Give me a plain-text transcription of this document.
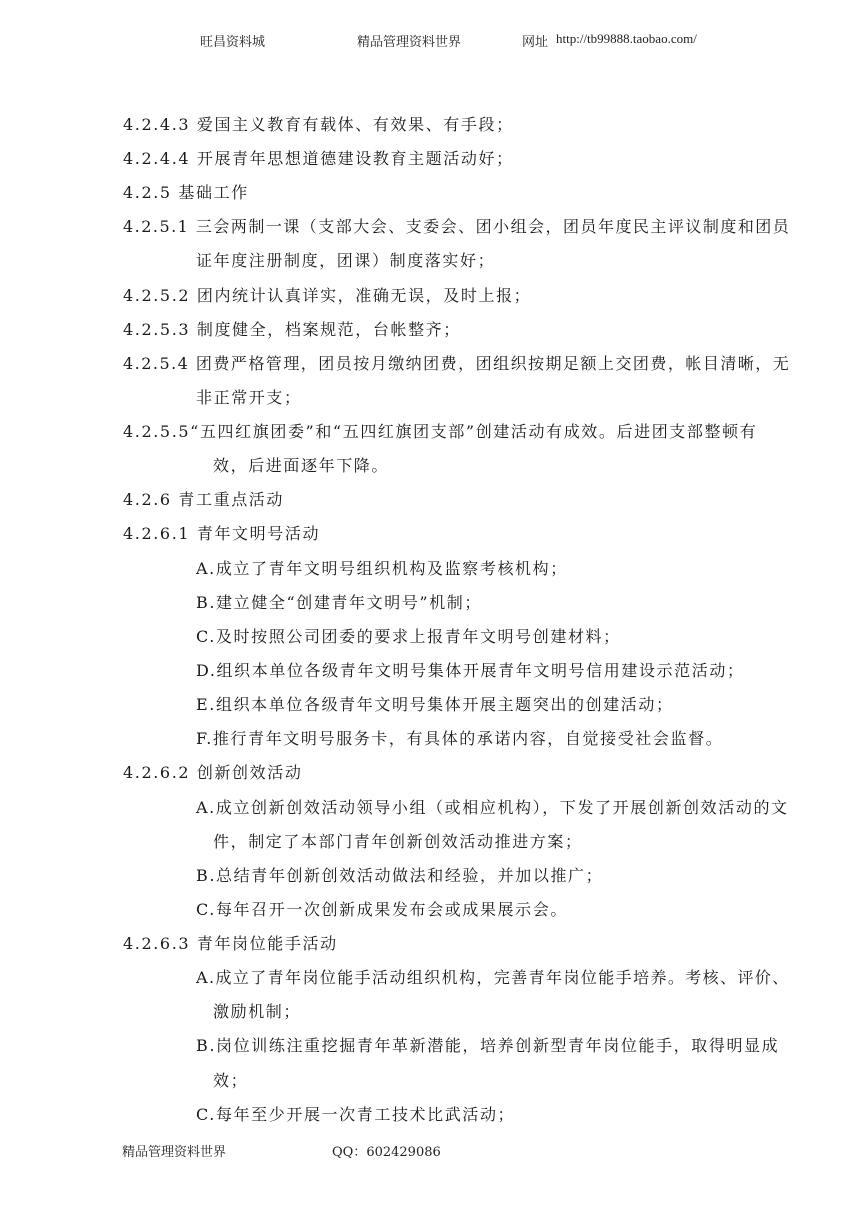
旺昌资料城	精品管理资料世界	网址 http://tb99888.taobao.com/
4.2.4.3 爱国主义教育有载体、有效果、有手段；
4.2.4.4 开展青年思想道德建设教育主题活动好；
4.2.5 基础工作
4.2.5.1 三会两制一课（支部大会、支委会、团小组会，团员年度民主评议制度和团员
证年度注册制度，团课）制度落实好；
4.2.5.2 团内统计认真详实，准确无误，及时上报；
4.2.5.3 制度健全，档案规范，台帐整齐；
4.2.5.4 团费严格管理，团员按月缴纳团费，团组织按期足额上交团费，帐目清晰，无
非正常开支；
4.2.5.5“五四红旗团委”和“五四红旗团支部”创建活动有成效。后进团支部整顿有
效，后进面逐年下降。
4.2.6 青工重点活动
4.2.6.1 青年文明号活动
A.成立了青年文明号组织机构及监察考核机构；
B.建立健全“创建青年文明号”机制；
C.及时按照公司团委的要求上报青年文明号创建材料；
D.组织本单位各级青年文明号集体开展青年文明号信用建设示范活动；
E.组织本单位各级青年文明号集体开展主题突出的创建活动；
F.推行青年文明号服务卡，有具体的承诺内容，自觉接受社会监督。
4.2.6.2 创新创效活动
A.成立创新创效活动领导小组（或相应机构），下发了开展创新创效活动的文
件，制定了本部门青年创新创效活动推进方案；
B.总结青年创新创效活动做法和经验，并加以推广；
C.每年召开一次创新成果发布会或成果展示会。
4.2.6.3 青年岗位能手活动
A.成立了青年岗位能手活动组织机构，完善青年岗位能手培养。考核、评价、
激励机制；
B.岗位训练注重挖掘青年革新潜能，培养创新型青年岗位能手，取得明显成
效；
C.每年至少开展一次青工技术比武活动；
精品管理资料世界	QQ：602429086
